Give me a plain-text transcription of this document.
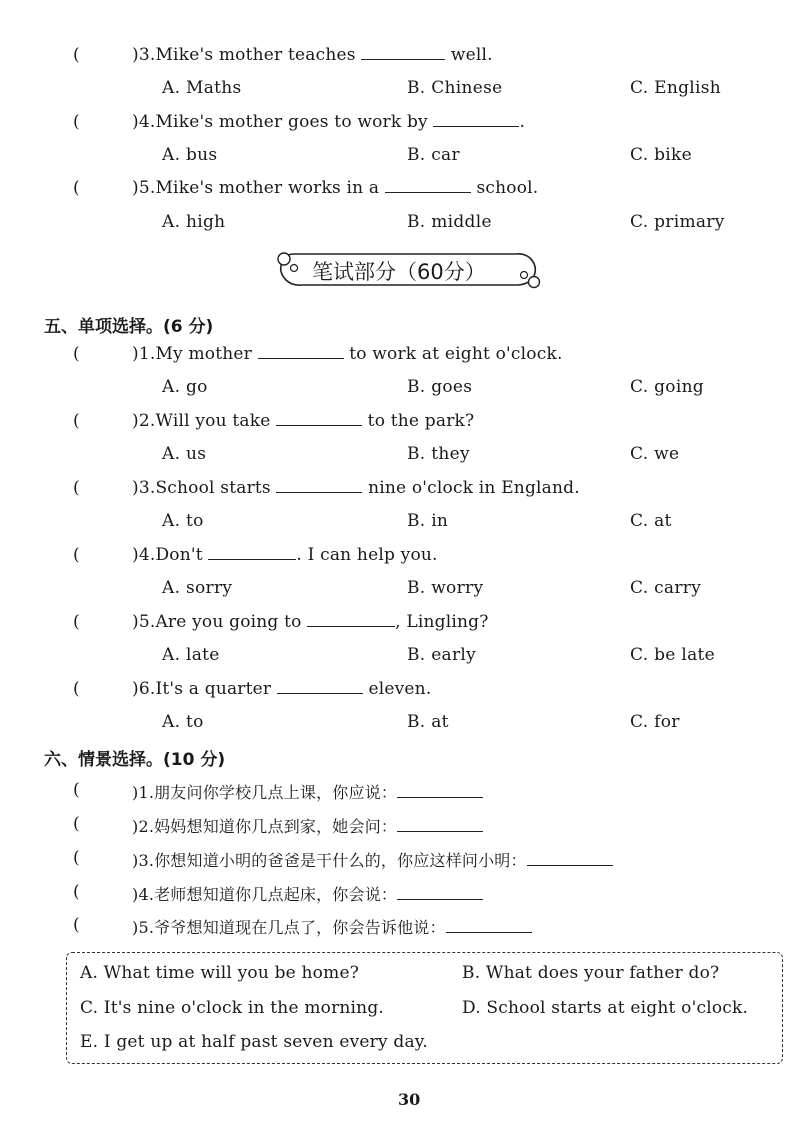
(	)3.Mike's mother teaches	well.
A. Maths	B. Chinese	C. English
(	)4.Mike's mother goes to work by	.
A. bus	B. car	C. bike
(	)5.Mike's mother works in a	school.
A. high	B. middle	C. primary
笔试部分（60分）
五、单项选择。(6 分)
(	)1.My mother	to work at eight o'clock.
A. go	B. goes	C. going
(	)2.Will you take	to the park?
A. us	B. they	C. we
(	)3.School starts	nine o'clock in England.
A. to	B. in	C. at
(	)4.Don't	. I can help you.
A. sorry	B. worry	C. carry
(	)5.Are you going to	, Lingling?
A. late	B. early	C. be late
(	)6.It's a quarter	eleven.
A. to	B. at	C. for
六、情景选择。(10 分)
(	)1.朋友问你学校几点上课，你应说：
(	)2.妈妈想知道你几点到家，她会问：
(	)3.你想知道小明的爸爸是干什么的，你应这样问小明：
(	)4.老师想知道你几点起床，你会说：
(	)5.爷爷想知道现在几点了，你会告诉他说：
A. What time will you be home?	B. What does your father do?
C. It's nine o'clock in the morning.	D. School starts at eight o'clock.
E. I get up at half past seven every day.
30
